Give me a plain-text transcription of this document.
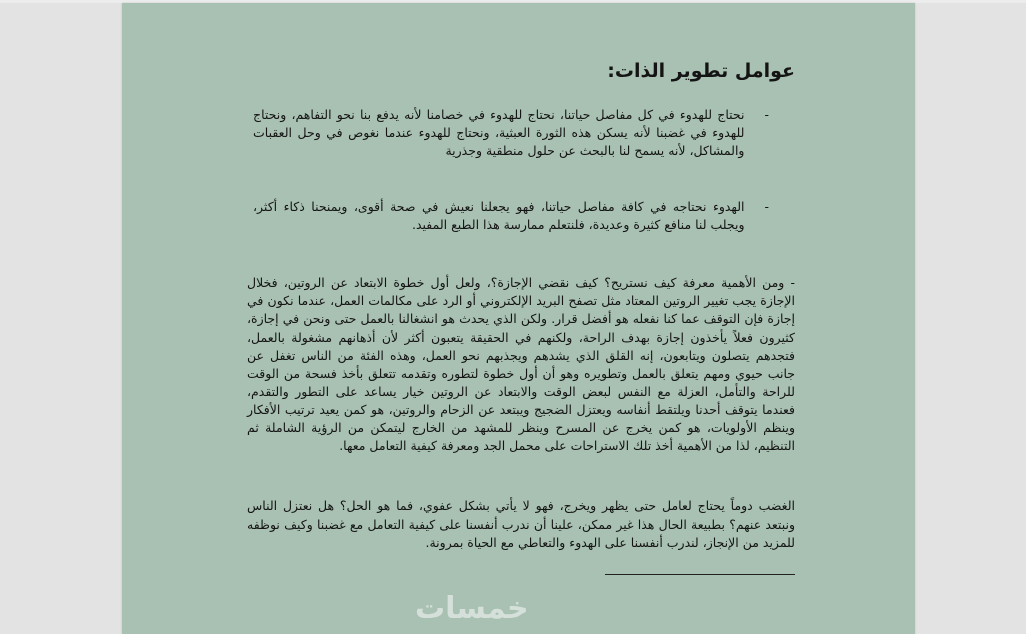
عوامل تطوير الذات:
-

نحتاج للهدوء في كل مفاصل حياتنا، نحتاج للهدوء في خصامنا لأنه يدفع بنا نحو التفاهم، ونحتاج للهدوء في غضبنا لأنه يسكن هذه الثورة العبثية، ونحتاج للهدوء عندما نغوص في وحل العقبات والمشاكل، لأنه يسمح لنا بالبحث عن حلول منطقية وجذرية

-

الهدوء نحتاجه في كافة مفاصل حياتنا، فهو يجعلنا نعيش في صحة أقوى، ويمنحنا ذكاء أكثر، ويجلب لنا منافع كثيرة وعديدة، فلنتعلم ممارسة هذا الطبع المفيد.

- ومن الأهمية معرفة كيف نستريح؟ كيف نقضي الإجازة؟، ولعل أول خطوة الابتعاد عن الروتين، فخلال الإجازة يجب تغيير الروتين المعتاد مثل تصفح البريد الإلكتروني أو الرد على مكالمات العمل، عندما نكون في إجازة فإن التوقف عما كنا نفعله هو أفضل قرار. ولكن الذي يحدث هو انشغالنا بالعمل حتى ونحن في إجازة، كثيرون فعلاً يأخذون إجازة بهدف الراحة، ولكنهم في الحقيقة يتعبون أكثر لأن أذهانهم مشغولة بالعمل، فتجدهم يتصلون ويتابعون، إنه القلق الذي يشدهم ويجذبهم نحو العمل، وهذه الفئة من الناس تغفل عن جانب حيوي ومهم يتعلق بالعمل وتطويره وهو أن أول خطوة لتطوره وتقدمه تتعلق بأخذ فسحة من الوقت للراحة والتأمل، العزلة مع النفس لبعض الوقت والابتعاد عن الروتين خيار يساعد على التطور والتقدم، فعندما يتوقف أحدنا ويلتقط أنفاسه ويعتزل الضجيج ويبتعد عن الزحام والروتين، هو كمن يعيد ترتيب الأفكار وينظم الأولويات، هو كمن يخرج عن المسرح وينظر للمشهد من الخارج ليتمكن من الرؤية الشاملة ثم التنظيم، لذا من الأهمية أخذ تلك الاستراحات على محمل الجد ومعرفة كيفية التعامل معها.

الغضب دوماً يحتاج لعامل حتى يظهر ويخرج، فهو لا يأتي بشكل عفوي، فما هو الحل؟ هل نعتزل الناس ونبتعد عنهم؟ بطبيعة الحال هذا غير ممكن، علينا أن ندرب أنفسنا على كيفية التعامل مع غضبنا وكيف نوظفه للمزيد من الإنجاز، لندرب أنفسنا على الهدوء والتعاطي مع الحياة بمرونة.

خمسات
